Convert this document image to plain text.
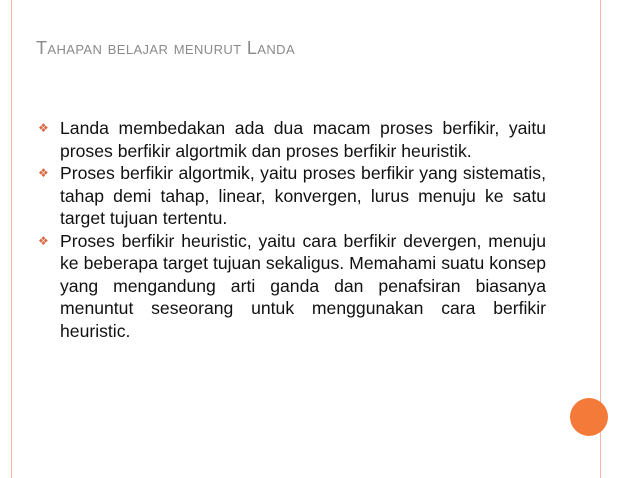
Tahapan belajar menurut Landa
❖ Landa membedakan ada dua macam proses berfikir, yaitu proses berfikir algortmik dan proses berfikir heuristik.
❖ Proses berfikir algortmik, yaitu proses berfikir yang sistematis, tahap demi tahap, linear, konvergen, lurus menuju ke satu target tujuan tertentu.
❖ Proses berfikir heuristic, yaitu cara berfikir devergen, menuju ke beberapa target tujuan sekaligus. Memahami suatu konsep yang mengandung arti ganda dan penafsiran biasanya menuntut seseorang untuk menggunakan cara berfikir heuristic.
